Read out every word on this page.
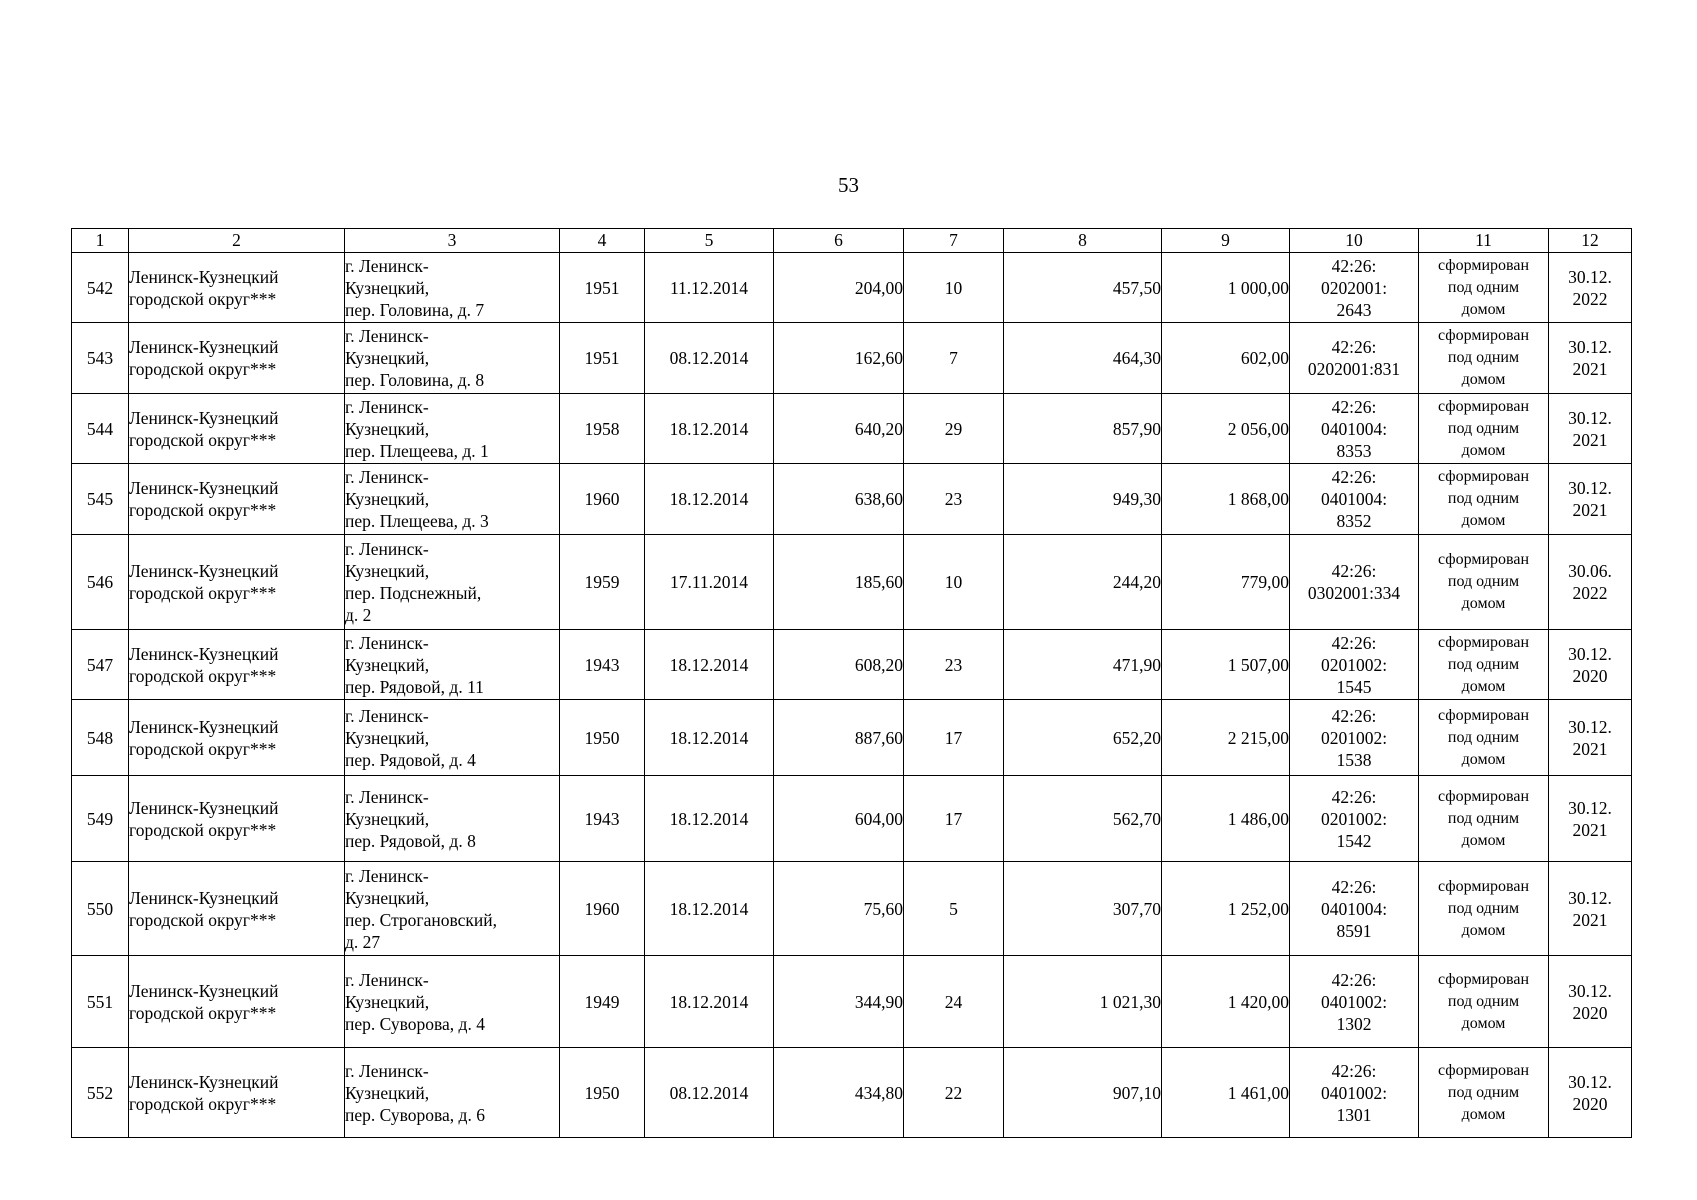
53
1	2	3	4	5	6	7	8	9	10	11	12

542	Ленинск-Кузнецкий
городской округ***	г. Ленинск-
Кузнецкий,
пер. Головина, д. 7	1951	11.12.2014	204,00	10	457,50	1 000,00	42:26:
0202001:
2643	сформирован
под одним
домом	30.12.
2022

543	Ленинск-Кузнецкий
городской округ***	г. Ленинск-
Кузнецкий,
пер. Головина, д. 8	1951	08.12.2014	162,60	7	464,30	602,00	42:26:
0202001:831	сформирован
под одним
домом	30.12.
2021

544	Ленинск-Кузнецкий
городской округ***	г. Ленинск-
Кузнецкий,
пер. Плещеева, д. 1	1958	18.12.2014	640,20	29	857,90	2 056,00	42:26:
0401004:
8353	сформирован
под одним
домом	30.12.
2021

545	Ленинск-Кузнецкий
городской округ***	г. Ленинск-
Кузнецкий,
пер. Плещеева, д. 3	1960	18.12.2014	638,60	23	949,30	1 868,00	42:26:
0401004:
8352	сформирован
под одним
домом	30.12.
2021

546	Ленинск-Кузнецкий
городской округ***	г. Ленинск-
Кузнецкий,
пер. Подснежный,
д. 2	1959	17.11.2014	185,60	10	244,20	779,00	42:26:
0302001:334	сформирован
под одним
домом	30.06.
2022

547	Ленинск-Кузнецкий
городской округ***	г. Ленинск-
Кузнецкий,
пер. Рядовой, д. 11	1943	18.12.2014	608,20	23	471,90	1 507,00	42:26:
0201002:
1545	сформирован
под одним
домом	30.12.
2020

548	Ленинск-Кузнецкий
городской округ***	г. Ленинск-
Кузнецкий,
пер. Рядовой, д. 4	1950	18.12.2014	887,60	17	652,20	2 215,00	42:26:
0201002:
1538	сформирован
под одним
домом	30.12.
2021

549	Ленинск-Кузнецкий
городской округ***	г. Ленинск-
Кузнецкий,
пер. Рядовой, д. 8	1943	18.12.2014	604,00	17	562,70	1 486,00	42:26:
0201002:
1542	сформирован
под одним
домом	30.12.
2021

550	Ленинск-Кузнецкий
городской округ***	г. Ленинск-
Кузнецкий,
пер. Строгановский,
д. 27	1960	18.12.2014	75,60	5	307,70	1 252,00	42:26:
0401004:
8591	сформирован
под одним
домом	30.12.
2021

551	Ленинск-Кузнецкий
городской округ***	г. Ленинск-
Кузнецкий,
пер. Суворова, д. 4	1949	18.12.2014	344,90	24	1 021,30	1 420,00	42:26:
0401002:
1302	сформирован
под одним
домом	30.12.
2020

552	Ленинск-Кузнецкий
городской округ***	г. Ленинск-
Кузнецкий,
пер. Суворова, д. 6	1950	08.12.2014	434,80	22	907,10	1 461,00	42:26:
0401002:
1301	сформирован
под одним
домом	30.12.
2020
